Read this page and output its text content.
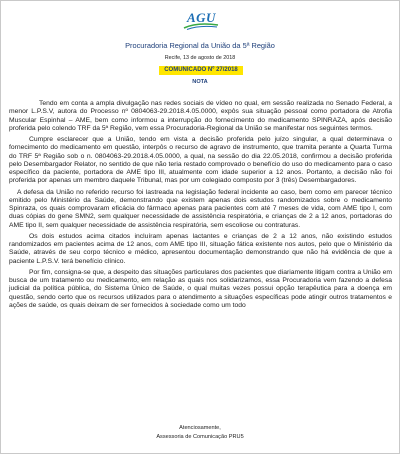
AGU
Procuradoria Regional da União da 5ª Região
Recife, 13 de agosto de 2018
COMUNICADO Nº 27/2018
NOTA

Tendo em conta a ampla divulgação nas redes sociais de vídeo no qual, em sessão realizada no Senado Federal, a menor L.P.S.V, autora do Processo nº 0804063-29.2018.4.05.0000, expôs sua situação pessoal como portadora de Atrofia Muscular Espinhal – AME, bem como informou a interrupção do fornecimento do medicamento SPINRAZA, após decisão proferida pelo colendo TRF da 5ª Região, vem essa Procuradoria-Regional da União se manifestar nos seguintes termos.

Cumpre esclarecer que a União, tendo em vista a decisão proferida pelo juízo singular, a qual determinava o fornecimento do medicamento em questão, interpôs o recurso de agravo de instrumento, que tramita perante a Quarta Turma do TRF 5ª Região sob o n. 0804063-29.2018.4.05.0000, a qual, na sessão do dia 22.05.2018, confirmou a decisão proferida pelo Desembargador Relator, no sentido de que não teria restado comprovado o benefício do uso do medicamento para o caso específico da paciente, portadora de AME tipo III, atualmente com idade superior a 12 anos. Portanto, a decisão não foi proferida por apenas um membro daquele Tribunal, mas por um colegiado composto por 3 (três) Desembargadores.

A defesa da União no referido recurso foi lastreada na legislação federal incidente ao caso, bem como em parecer técnico emitido pelo Ministério da Saúde, demonstrando que existem apenas dois estudos randomizados sobre o medicamento Spinraza, os quais comprovaram eficácia do fármaco apenas para pacientes com até 7 meses de vida, com AME tipo I, com duas cópias do gene SMN2, sem qualquer necessidade de assistência respiratória, e crianças de 2 a 12 anos, portadoras do AME tipo II, sem qualquer necessidade de assistência respiratória, sem escoliose ou contraturas.

Os dois estudos acima citados incluíram apenas lactantes e crianças de 2 a 12 anos, não existindo estudos randomizados em pacientes acima de 12 anos, com AME tipo III, situação fática existente nos autos, pelo que o Ministério da Saúde, através de seu corpo técnico e médico, apresentou documentação demonstrando que não há evidência de que a paciente L.P.S.V. terá benefício clínico.

Por fim, consigna-se que, a despeito das situações particulares dos pacientes que diariamente litigam contra a União em busca de um tratamento ou medicamento, em relação as quais nos solidarizamos, essa Procuradoria vem fazendo a defesa judicial da política pública, do Sistema Único de Saúde, o qual muitas vezes possui opção terapêutica para a doença em questão, sendo certo que os recursos utilizados para o atendimento a situações específicas pode atingir outros tratamentos e ações de saúde, os quais deixam de ser fornecidos à sociedade como um todo

Atenciosamente,
Assessoria de Comunicação PRU5
